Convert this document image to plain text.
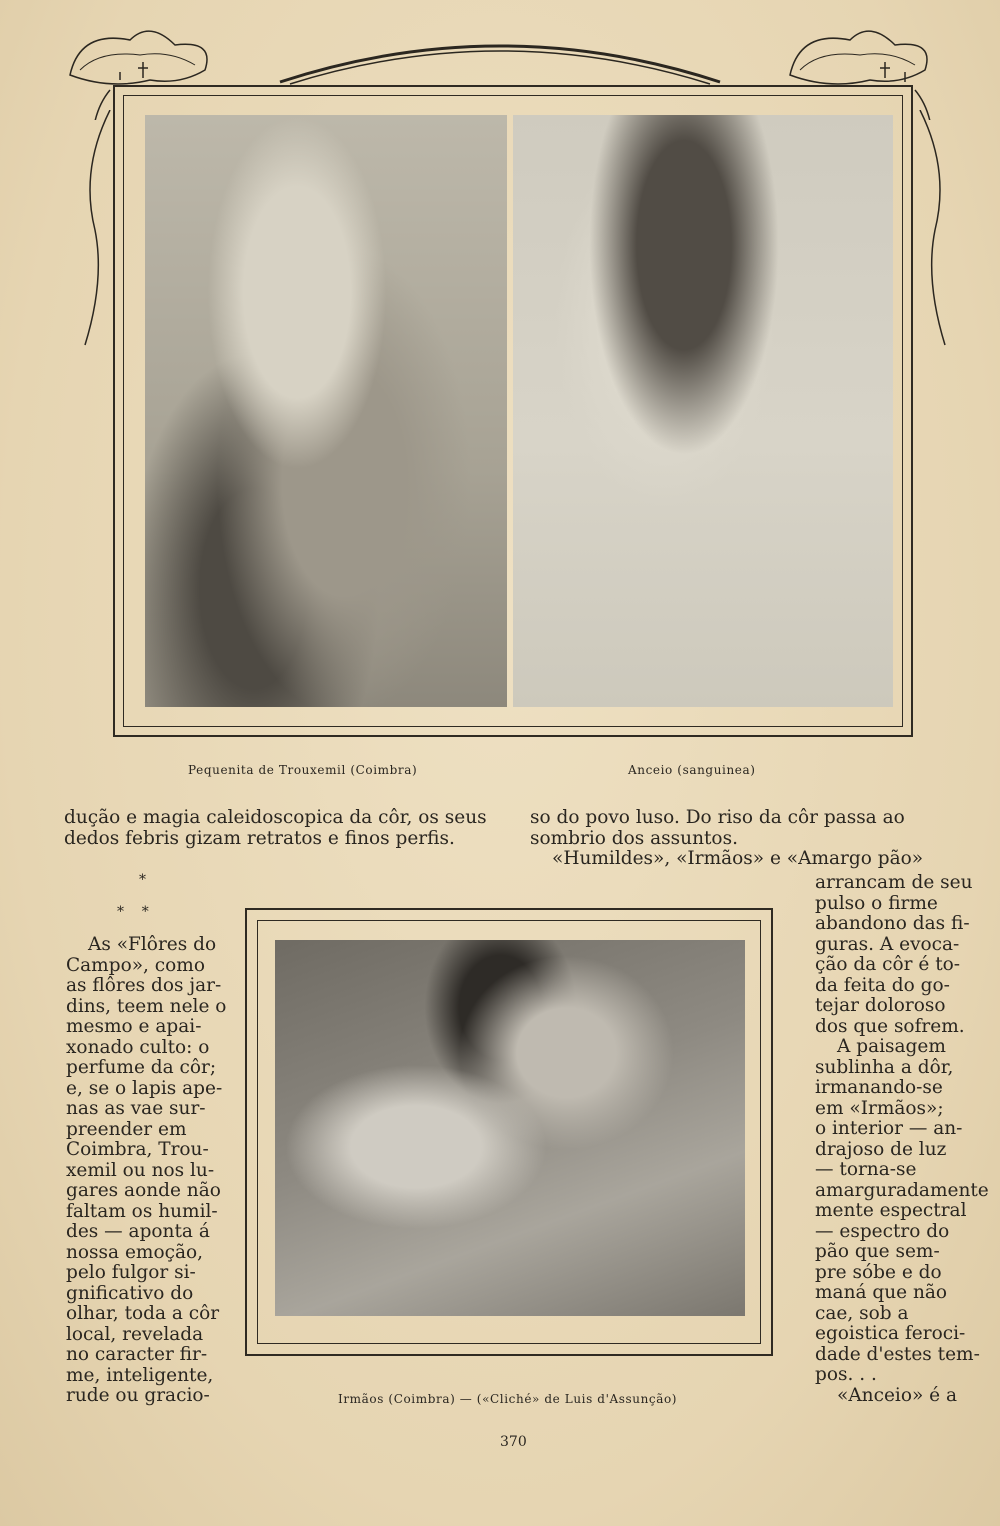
Pequenita de Trouxemil (Coimbra)	Anceio (sanguinea)
dução e magia caleidoscopica da côr, os seus
dedos febris gizam retratos e finos perfis.
so do povo luso. Do riso da côr passa ao
sombrio dos assuntos.
«Humildes», «Irmãos» e «Amargo pão»
*
*    *
As «Flôres do
Campo», como
as flôres dos jar-
dins, teem nele o
mesmo e apai-
xonado culto: o
perfume da côr;
e, se o lapis ape-
nas as vae sur-
preender em
Coimbra, Trou-
xemil ou nos lu-
gares aonde não
faltam os humil-
des — aponta á
nossa emoção,
pelo fulgor si-
gnificativo do
olhar, toda a côr
local, revelada
no caracter fir-
me, inteligente,
rude ou gracio-	Irmãos (Coimbra) — («Cliché» de Luis d'Assunção)
arrancam de seu
pulso o firme
abandono das fi-
guras. A evoca-
ção da côr é to-
da feita do go-
tejar doloroso
dos que sofrem.
A paisagem
sublinha a dôr,
irmanando-se
em «Irmãos»;
o interior — an-
drajoso de luz
— torna-se
amarguradamente
mente espectral
— espectro do
pão que sem-
pre sóbe e do
maná que não
cae, sob a
egoistica feroci-
dade d'estes tem-
pos. . .
«Anceio» é a
370
